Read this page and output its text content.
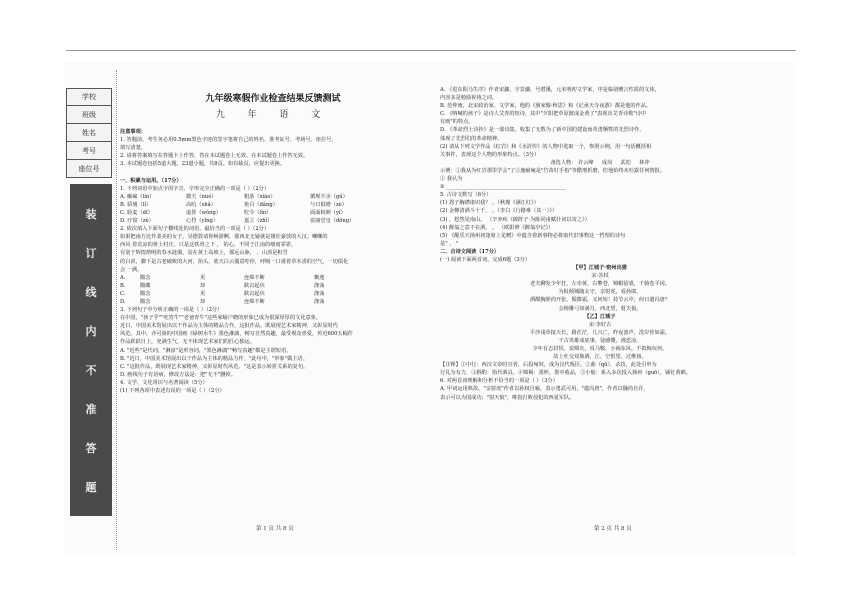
学校
班级
姓名
考号
座位号
装
订
线
内
不
准
答
题
九年级寒假作业检查结果反馈测试
九 年 语 文

注意事项：

1. 答题前，考生务必用0.5mm黑色字迹的签字笔将自己的姓名、准考证号、考场号、座位号、

填写清楚。

2. 请将答案填写在答题卡上作答，答在本试题卷上无效。在本试题卷上作答无效。

3. 本试题卷包括5道大题，23道小题，共8页。如有缺页，应提出更换。

一、积累与运用。（17分）

1. 下列词语中加点字的字音、字形完全正确的一项是（ ）（2分）

A. 癫痫（lín）	微夫（nuó）	粗茶（xiāo）	循规不舍（gǔ）
B. 骄璃（lǐ）	高吭（shǎ）	艳白（dǎng）	与日俱增（zè）
C. 脸麦（dǐ）	虚挥（wǒng）	吃令（lǐn）	面面相颜（yǐ）
D. 疗窗（zè）	心狩（yǐng）	嘉立（zhǐ）	富丽堂皇（dōng）

2. 依次填入下面句子横线处的词语，最恰当的一项是（ ）（2分）

如果把南方比作柔美的女子，吴德敦请你畅游啊，那西北无疑就是雄壮豪放的大汉。嘲嘲的

西风 着荒凉的黄土村庄，只是这铁骨之下 ， 的心，不同于江南的细雨霏霏，

有别于辉煌熔明的春水涟漪，站在黄土高坡上，那远山脉， ，山顶是积雪

的白顶，脚下是古老破败的大河，抬头，蓝天白云僵意吁停，呼吸一口谁着草木香的空气，一切俱化

会 一满。

A.	瞄念	更	连绵不断	飘逸
B.	瞄藏	却	跌宕起伏	涤荡
C.	瞄念	更	跌宕起伏	涤荡
D.	瞄念	却	连绵不断	涤荡

3. 下列句子中分析正确的一项是（ ）（2分）

在中国，"孩子乎""吃宵牛""老爸青牛"这些家喻户晓的形象已成为很深厚厚的文化意象，

近日，中国美术馆展出以干作品为主体的精品力作，这批作品，既展现艺术家精神，又彰显时代

风范。其中，齐可染的中国画《绿树水牛》墨色淋漓，畅写自然真趣，最受观众喜爱，传近600五幅件

作品跃跃日上，充满生气，无不体现艺术家们的匠心独运。

A. "近些"是代词，"淋淳"是形容词，"墨色淋漓""畅写真趣"都是主谓短语。

B. "近日，中国美术馆展出以干作品为主体的精品力作，"此句中，"形象"做主语。

C. "这批作品，既展现艺术家精神，又彰显时代风范。"这是表示转折关系的复句。

D. 画线句子有语病，修改方法是：把"无不"删掉。

4. 文学、文化常识与名著阅读（5分）

(1) 下列各项中表述有误的一项是（ ）（2分）

第 1 页 共 8 页

A. 《进东阳马生序》作者宋濂，字景濂，号潜溪，元末明初文学家，序是临别赠言性质的文体，

内容多是勉励祝祷之词。

B. 范仲淹，北宋政治家、文学家，他的《渔家傲·秋思》和《记承天寺夜游》都是他的作品。

C. 《呐喊的孩子》是诗人艾青的短诗，其中"夕阳把草原镀成金黄了"表现出艾青诗歌"诗中

有画"的特点。

D. 《革命烈士诗抄》是一部诗集，收集了无数为了新中国的建设而英勇牺牲的先烈诗作，

体现了先烈们的革命精神。

(2) 请从下列文学作品《红岩》和《水浒传》的人物中选取一个，参照示例，用一句话概括相

关事件，表现这个人物的形象特点。（3分）

备选人物： 许云峰 成岗 武松 林冲

示例：①我从为红岩那里学会"了②施耐庵是"竹苗钉手指"等酷刑折磨，但他始终未吐露任何情报。

① 我认为

② ______________________________________________

5. 古诗文默写（6分）

(1) 怨子胸襟诸识我？ 。（秋瑾《满江红》）

(2) 金樽清酒斗十千， 。（李白《行路难（其一）》）

(3) ，悠然见南山。 （辛弃疾《破阵子·为陈同甫赋壮词以寄之》）

(4) 醉翁之意不在酒， 。 （欧阳修《醉翁亭记》）

(5) 《醒乐天扬州初逢席上见赠》中蕴含着新事物必将取代旧事物这一哲理的诗句

是" ， "

二、古诗文阅读（17分）

(一) 阅读下面两首词，完成6题（3分）

【甲】江城子·密州出猎

宋·苏轼

老夫聊发少年狂，左牵黄，右擎苍，锦帽貂裘，千骑卷平冈。

为报倾城随太守，亲射虎，看孙郎。

酒酣胸胆尚开张，鬓微霜，又何妨！持节云中，何日遣冯唐？

会挽雕弓如满月，西北望，射天狼。

【乙】江城子

宋·李好古

平沙浅草接天长，路茫茫，几兴亡，昨夜波声，洗岸骨如霜。

千古英雄成底事，徒感慨，漫悲凉。

少年有志封侯，说锦衣，说马鞍，小袖东风，不拟悔玩何。

故上吐交双瓶酒，江，空恨望，过维扬。

【注释】①中行：西汉文帝时宣者，后投匈奴，成为汉代叛臣。②曲（qū），杀技，此处引申为

行礼为有力，③斟酌：指代酒具。④锦褐：墨杯，墨中收品，⑤小船：系入多次投入扬州（guō），铺钉黄鹤。

6. 对两首词理解和分析不恰当的一项是（ ）（3分）

A. 甲词运用典故，"亲射虎"作者以孙权自喻，表示勇武可用，"遣冯唐"，作者以魏尚自许，

表示可以为国成功；"射天狼"，唯指打败侵犯的西夏军队。

第 2 页 共 8 页
